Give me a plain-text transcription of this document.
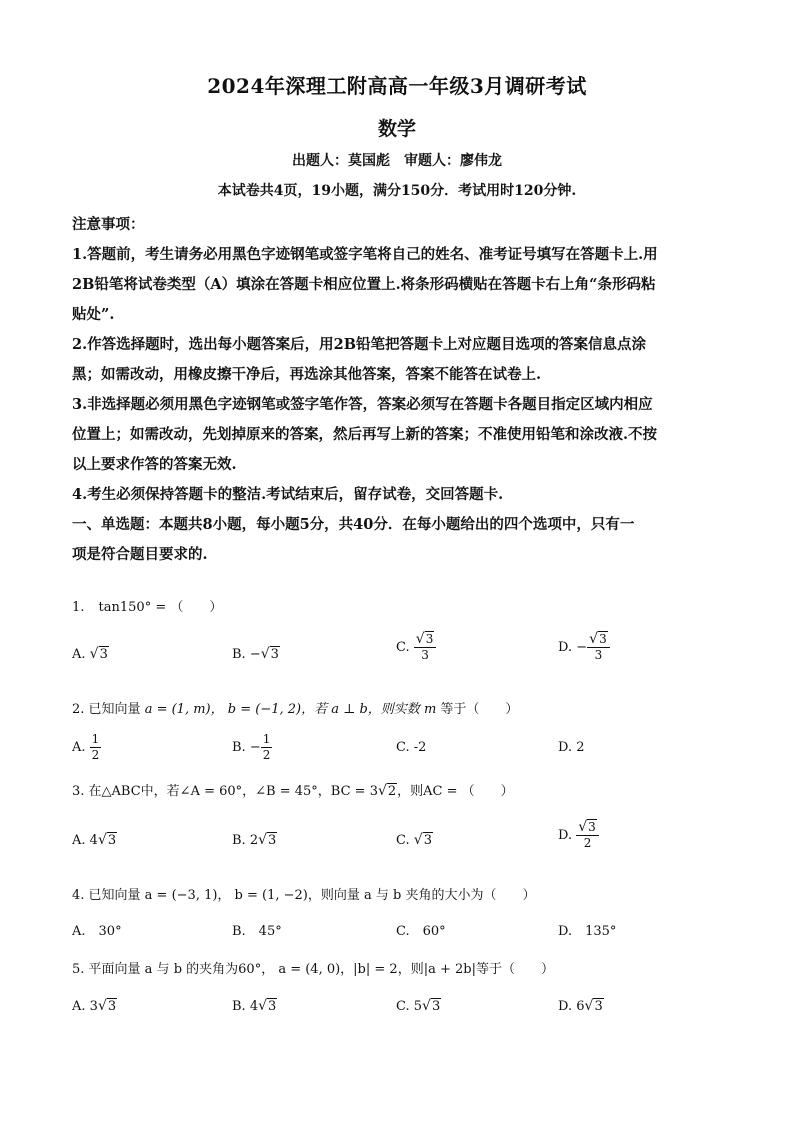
2024年深理工附高高一年级3月调研考试
数学
出题人：莫国彪　审题人：廖伟龙
本试卷共4页，19小题，满分150分．考试用时120分钟.
注意事项：
1.答题前，考生请务必用黑色字迹钢笔或签字笔将自己的姓名、准考证号填写在答题卡上.用
2B铅笔将试卷类型（A）填涂在答题卡相应位置上.将条形码横贴在答题卡右上角“条形码粘
贴处”.
2.作答选择题时，选出每小题答案后，用2B铅笔把答题卡上对应题目选项的答案信息点涂
黑；如需改动，用橡皮擦干净后，再选涂其他答案，答案不能答在试卷上.
3.非选择题必须用黑色字迹钢笔或签字笔作答，答案必须写在答题卡各题目指定区域内相应
位置上；如需改动，先划掉原来的答案，然后再写上新的答案；不准使用铅笔和涂改液.不按
以上要求作答的答案无效.
4.考生必须保持答题卡的整洁.考试结束后，留存试卷，交回答题卡.
一、单选题：本题共8小题，每小题5分，共40分．在每小题给出的四个选项中，只有一
项是符合题目要求的.
1. tan150° = （　　）
A. √3	B. −√3	C. $\frac{√3}{3}$	D. − $\frac{√3}{3}$
2. 已知向量 a = (1, m)， b = (−1, 2)，若 a ⊥ b，则实数 m 等于（　　）
A. $\frac{1}{2}$	B. − $\frac{1}{2}$	C. -2	D. 2
3. 在△ABC中，若∠A = 60°，∠B = 45°，BC = 3√2，则AC = （　　）
A. 4√3	B. 2√3	C. √3	D. $\frac{√3}{2}$
4. 已知向量 a = (−3, 1)， b = (1, −2)，则向量 a 与 b 夹角的大小为（　　）
A.　30°	B.　45°	C.　60°	D.　135°
5. 平面向量 a 与 b 的夹角为60°， a = (4, 0)，|b| = 2，则|a + 2b|等于（　　）
A. 3√3	B. 4√3	C. 5√3	D. 6√3
